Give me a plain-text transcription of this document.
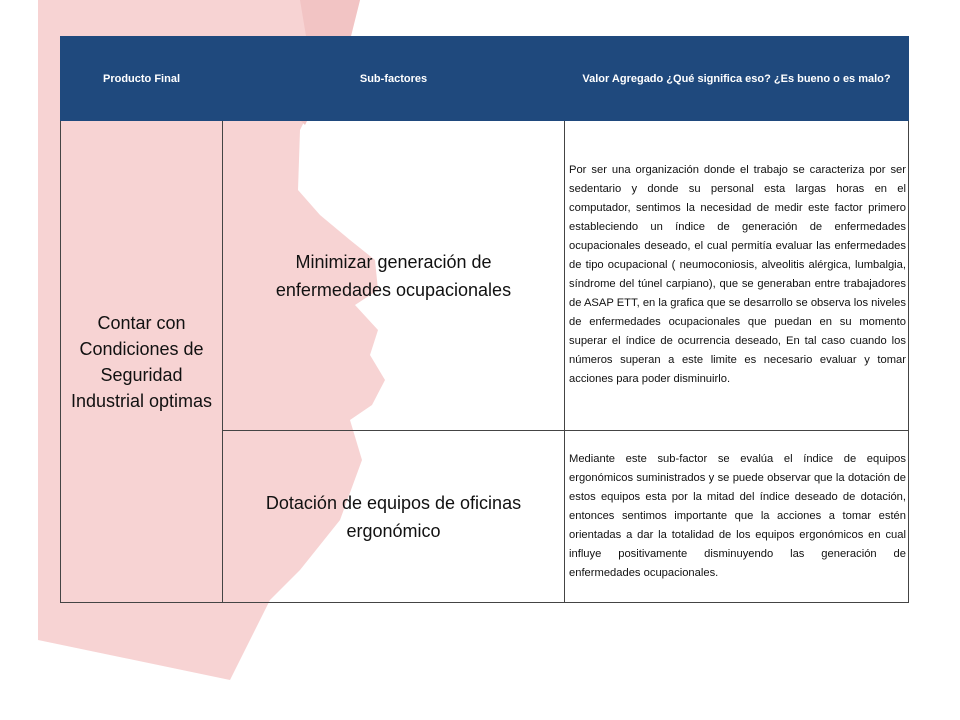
Producto Final	Sub-factores	Valor Agregado ¿Qué significa eso? ¿Es bueno o es malo?
Contar con Condiciones de Seguridad Industrial optimas	Minimizar generación de enfermedades ocupacionales	Por ser una organización donde el trabajo se caracteriza por ser sedentario y donde su personal esta largas horas en el computador, sentimos la necesidad de medir este factor primero estableciendo un índice de generación de enfermedades ocupacionales deseado, el cual permitía evaluar las enfermedades de tipo ocupacional ( neumoconiosis, alveolitis alérgica, lumbalgia, síndrome del túnel carpiano), que se generaban entre trabajadores de ASAP ETT, en la grafica que se desarrollo se observa los niveles de enfermedades ocupacionales que puedan en su momento superar el índice de ocurrencia deseado, En tal caso cuando los números superan a este limite es necesario evaluar y tomar acciones para poder disminuirlo.
	Dotación de equipos de oficinas ergonómico	Mediante este sub-factor se evalúa el índice de equipos ergonómicos suministrados y se puede observar que la dotación de estos equipos esta por la mitad del índice deseado de dotación, entonces sentimos importante que la acciones a tomar estén orientadas a dar la totalidad de los equipos ergonómicos en cual influye positivamente disminuyendo las generación de enfermedades ocupacionales.
